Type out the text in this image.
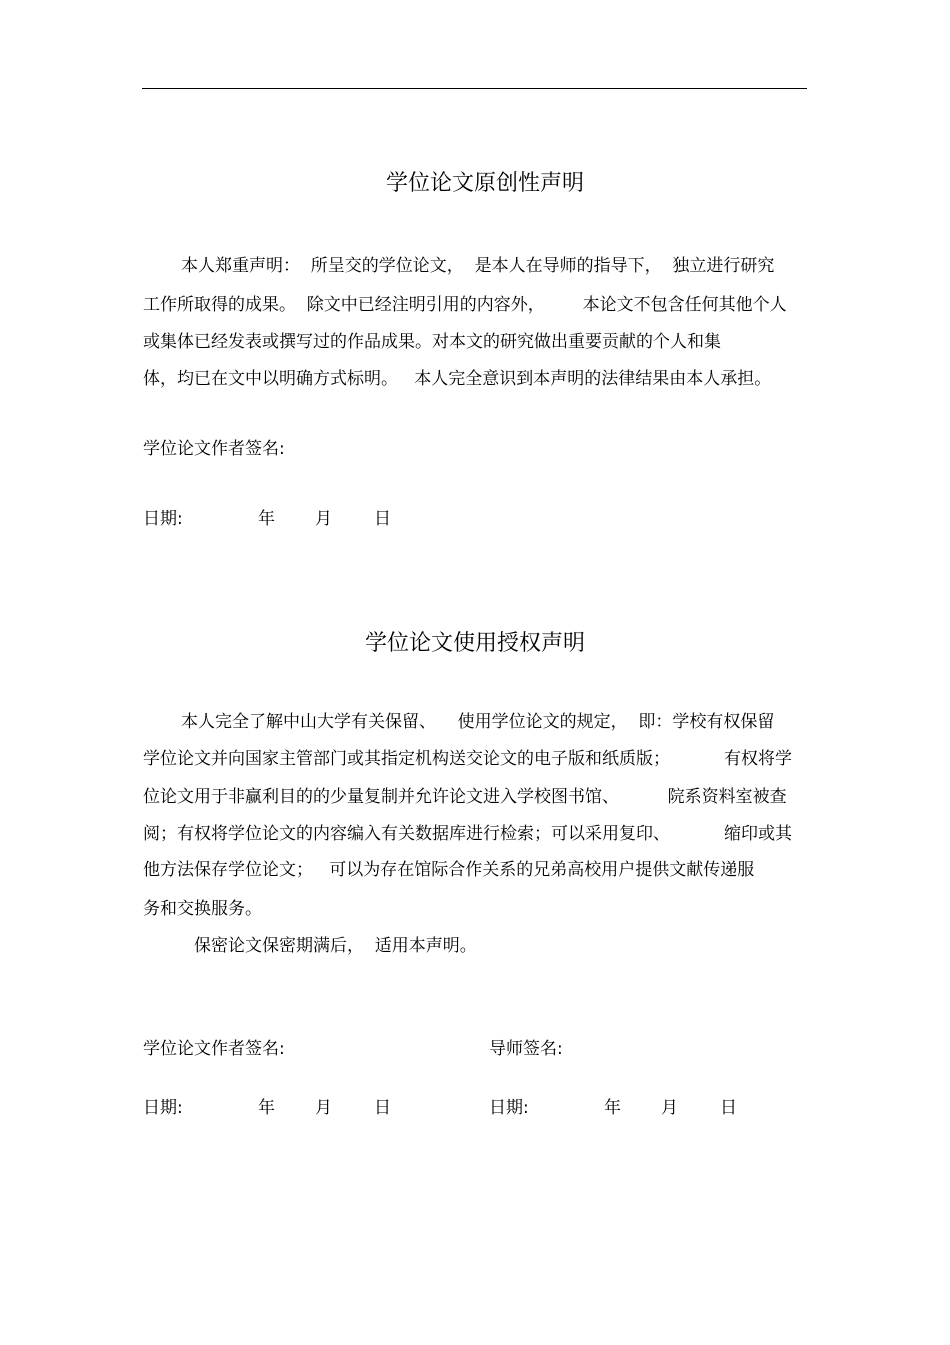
学位论文原创性声明
本人郑重声明：  所呈交的学位论文，  是本人在导师的指导下，  独立进行研究
工作所取得的成果。  除文中已经注明引用的内容外，       本论文不包含任何其他个人
或集体已经发表或撰写过的作品成果。对本文的研究做出重要贡献的个人和集
体，均已在文中以明确方式标明。   本人完全意识到本声明的法律结果由本人承担。
学位论文作者签名:
日期:	年 月 日
学位论文使用授权声明
本人完全了解中山大学有关保留、    使用学位论文的规定，  即：学校有权保留
学位论文并向国家主管部门或其指定机构送交论文的电子版和纸质版；          有权将学
位论文用于非赢利目的的少量复制并允许论文进入学校图书馆、         院系资料室被查
阅；有权将学位论文的内容编入有关数据库进行检索；可以采用复印、          缩印或其
他方法保存学位论文；   可以为存在馆际合作关系的兄弟高校用户提供文献传递服
务和交换服务。
保密论文保密期满后，  适用本声明。
学位论文作者签名:	导师签名:
日期:	年 月 日	日期:	年 月 日
